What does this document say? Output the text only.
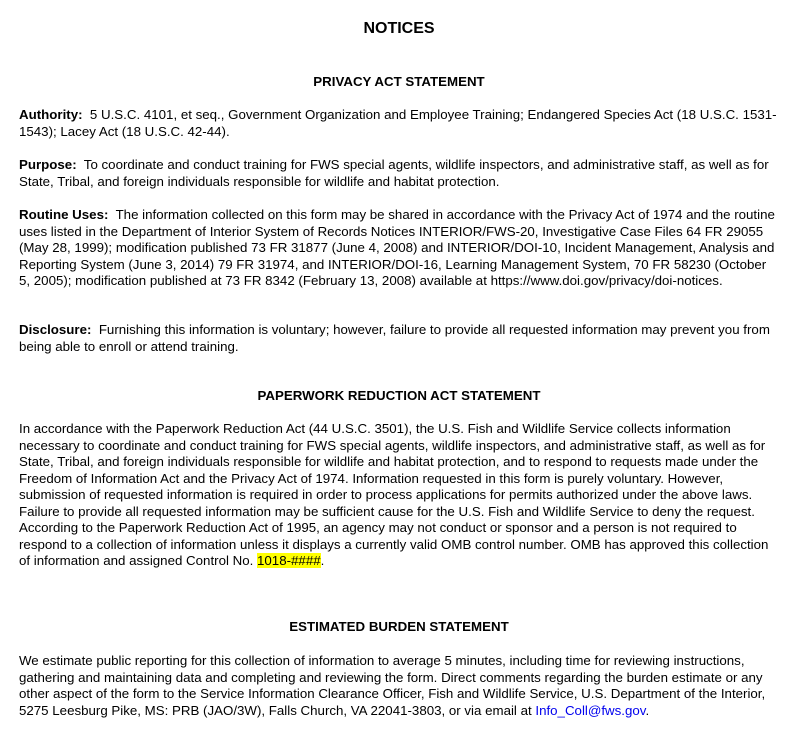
NOTICES
PRIVACY ACT STATEMENT

Authority: 5 U.S.C. 4101, et seq., Government Organization and Employee Training; Endangered Species Act (18 U.S.C. 1531-1543); Lacey Act (18 U.S.C. 42-44).

Purpose: To coordinate and conduct training for FWS special agents, wildlife inspectors, and administrative staff, as well as for State, Tribal, and foreign individuals responsible for wildlife and habitat protection.

Routine Uses: The information collected on this form may be shared in accordance with the Privacy Act of 1974 and the routine uses listed in the Department of Interior System of Records Notices INTERIOR/FWS-20, Investigative Case Files 64 FR 29055 (May 28, 1999); modification published 73 FR 31877 (June 4, 2008) and INTERIOR/DOI-10, Incident Management, Analysis and Reporting System (June 3, 2014) 79 FR 31974, and INTERIOR/DOI-16, Learning Management System, 70 FR 58230 (October 5, 2005); modification published at 73 FR 8342 (February 13, 2008) available at https://www.doi.gov/privacy/doi-notices.

Disclosure: Furnishing this information is voluntary; however, failure to provide all requested information may prevent you from being able to enroll or attend training.

PAPERWORK REDUCTION ACT STATEMENT

In accordance with the Paperwork Reduction Act (44 U.S.C. 3501), the U.S. Fish and Wildlife Service collects information necessary to coordinate and conduct training for FWS special agents, wildlife inspectors, and administrative staff, as well as for State, Tribal, and foreign individuals responsible for wildlife and habitat protection, and to respond to requests made under the Freedom of Information Act and the Privacy Act of 1974. Information requested in this form is purely voluntary. However, submission of requested information is required in order to process applications for permits authorized under the above laws. Failure to provide all requested information may be sufficient cause for the U.S. Fish and Wildlife Service to deny the request. According to the Paperwork Reduction Act of 1995, an agency may not conduct or sponsor and a person is not required to respond to a collection of information unless it displays a currently valid OMB control number. OMB has approved this collection of information and assigned Control No. 1018-####.

ESTIMATED BURDEN STATEMENT

We estimate public reporting for this collection of information to average 5 minutes, including time for reviewing instructions, gathering and maintaining data and completing and reviewing the form. Direct comments regarding the burden estimate or any other aspect of the form to the Service Information Clearance Officer, Fish and Wildlife Service, U.S. Department of the Interior, 5275 Leesburg Pike, MS: PRB (JAO/3W), Falls Church, VA 22041-3803, or via email at Info_Coll@fws.gov.
